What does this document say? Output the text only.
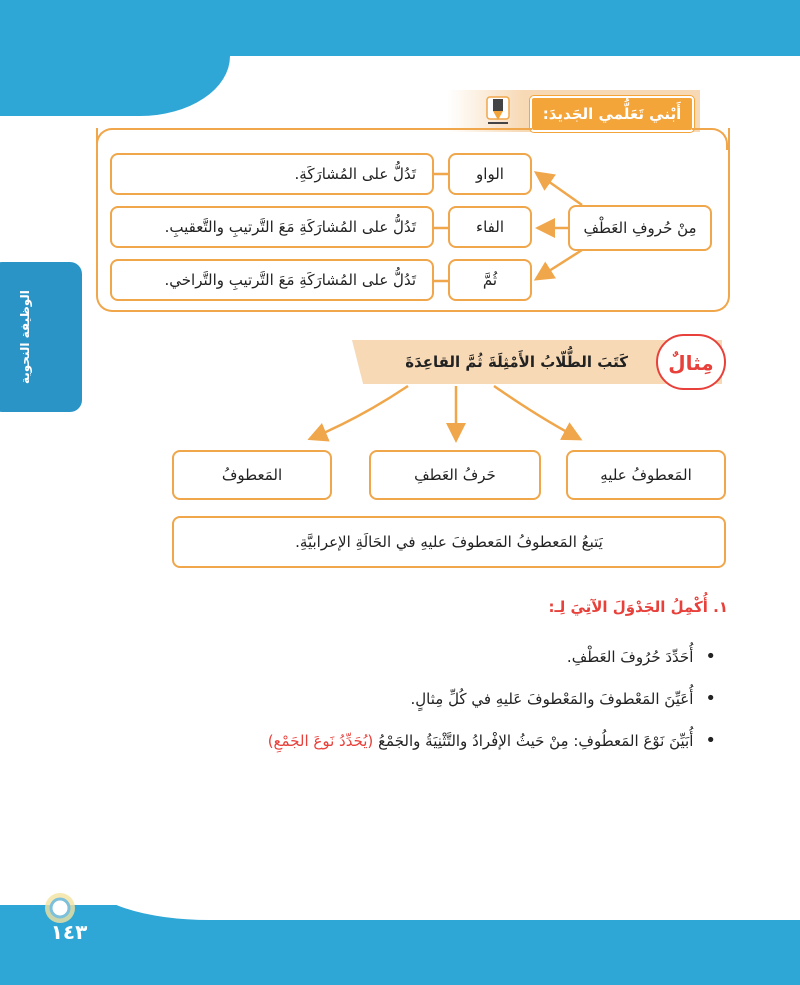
الوظيفة النحوية
أَبْني تَعَلُّمي الجَديدَ:
مِنْ حُروفِ العَطْفِ
الواو
الفاء
ثُمَّ
تَدُلُّ على المُشارَكَةِ.
تَدُلُّ على المُشارَكَةِ مَعَ التَّرتيبِ والتَّعقيبِ.
تَدُلُّ على المُشارَكَةِ مَعَ التَّرتيبِ والتَّراخي.
كَتَبَ الطُّلّابُ الأَمْثِلَةَ ثُمَّ القاعِدَةَ	مِثالٌ
المَعطوفُ عليهِ
حَرفُ العَطفِ
المَعطوفُ
يَتبعُ المَعطوفُ المَعطوفَ عليهِ في الحَالَةِ الإعرابيَّةِ.
١. أُكْمِلُ الجَدْوَلَ الآتِيَ لِـ:
• أُحَدِّدَ حُرُوفَ العَطْفِ.
• أُعَيِّنَ المَعْطوفَ والمَعْطوفَ عَليهِ في كُلِّ مِثالٍ.
• أُبَيِّنَ نَوْعَ المَعطُوفِ: مِنْ حَيثُ الإفْرادُ والتَّثْنِيَةُ والجَمْعُ (يُحَدِّدُ نَوعَ الجَمْعِ)
١٤٣
